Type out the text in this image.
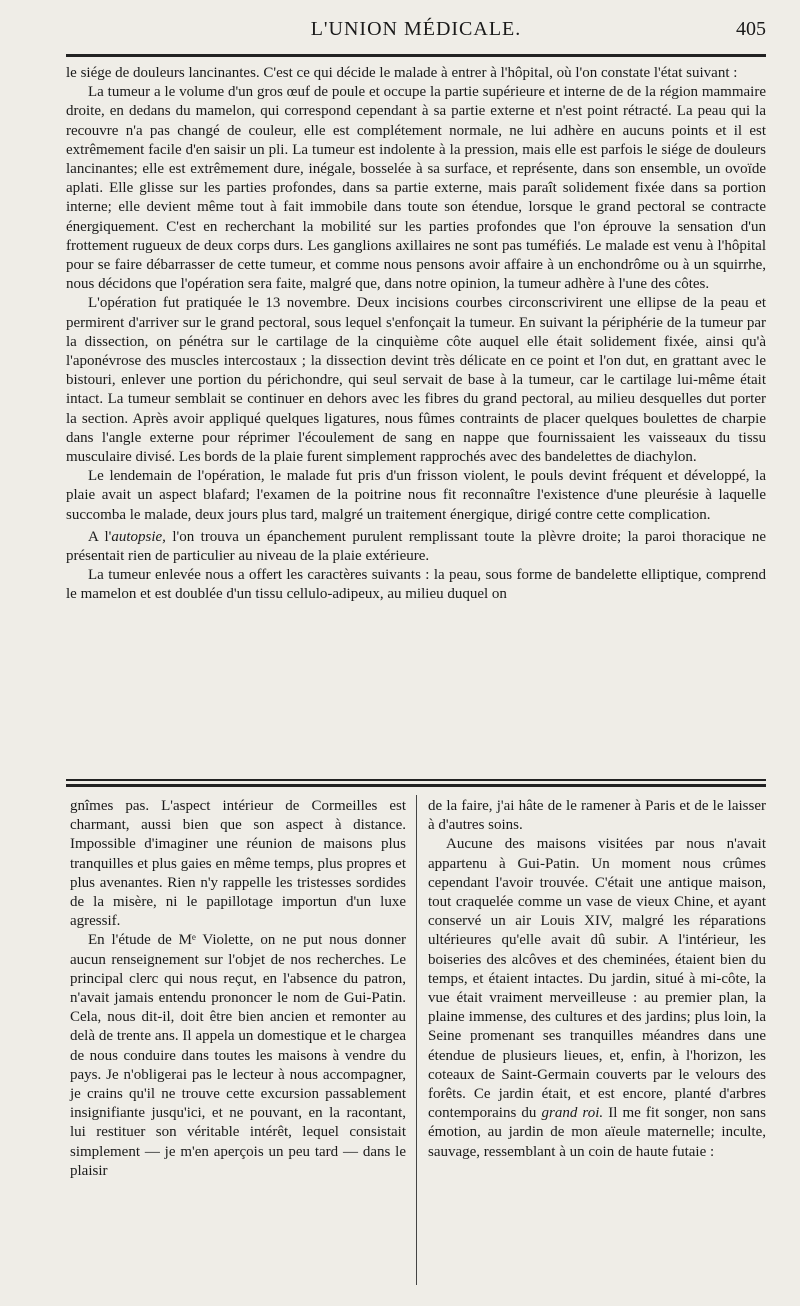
L'UNION MÉDICALE.	405

le siége de douleurs lancinantes. C'est ce qui décide le malade à entrer à l'hôpital, où l'on constate l'état suivant :

La tumeur a le volume d'un gros œuf de poule et occupe la partie supérieure et interne de de la région mammaire droite, en dedans du mamelon, qui correspond cependant à sa partie externe et n'est point rétracté. La peau qui la recouvre n'a pas changé de couleur, elle est complétement normale, ne lui adhère en aucuns points et il est extrêmement facile d'en saisir un pli. La tumeur est indolente à la pression, mais elle est parfois le siége de douleurs lancinantes; elle est extrêmement dure, inégale, bosselée à sa surface, et représente, dans son ensemble, un ovoïde aplati. Elle glisse sur les parties profondes, dans sa partie externe, mais paraît solidement fixée dans sa portion interne; elle devient même tout à fait immobile dans toute son étendue, lorsque le grand pectoral se contracte énergiquement. C'est en recherchant la mobilité sur les parties profondes que l'on éprouve la sensation d'un frottement rugueux de deux corps durs. Les ganglions axillaires ne sont pas tuméfiés. Le malade est venu à l'hôpital pour se faire débarrasser de cette tumeur, et comme nous pensons avoir affaire à un enchondrôme ou à un squirrhe, nous décidons que l'opération sera faite, malgré que, dans notre opinion, la tumeur adhère à l'une des côtes.

L'opération fut pratiquée le 13 novembre. Deux incisions courbes circonscrivirent une ellipse de la peau et permirent d'arriver sur le grand pectoral, sous lequel s'enfonçait la tumeur. En suivant la périphérie de la tumeur par la dissection, on pénétra sur le cartilage de la cinquième côte auquel elle était solidement fixée, ainsi qu'à l'aponévrose des muscles intercostaux ; la dissection devint très délicate en ce point et l'on dut, en grattant avec le bistouri, enlever une portion du périchondre, qui seul servait de base à la tumeur, car le cartilage lui-même était intact. La tumeur semblait se continuer en dehors avec les fibres du grand pectoral, au milieu desquelles dut porter la section. Après avoir appliqué quelques ligatures, nous fûmes contraints de placer quelques boulettes de charpie dans l'angle externe pour réprimer l'écoulement de sang en nappe que fournissaient les vaisseaux du tissu musculaire divisé. Les bords de la plaie furent simplement rapprochés avec des bandelettes de diachylon.

Le lendemain de l'opération, le malade fut pris d'un frisson violent, le pouls devint fréquent et développé, la plaie avait un aspect blafard; l'examen de la poitrine nous fit reconnaître l'existence d'une pleurésie à laquelle succomba le malade, deux jours plus tard, malgré un traitement énergique, dirigé contre cette complication.

A l'autopsie, l'on trouva un épanchement purulent remplissant toute la plèvre droite; la paroi thoracique ne présentait rien de particulier au niveau de la plaie extérieure.

La tumeur enlevée nous a offert les caractères suivants : la peau, sous forme de bandelette elliptique, comprend le mamelon et est doublée d'un tissu cellulo-adipeux, au milieu duquel on

gnîmes pas. L'aspect intérieur de Cormeilles est charmant, aussi bien que son aspect à distance. Impossible d'imaginer une réunion de maisons plus tranquilles et plus gaies en même temps, plus propres et plus avenantes. Rien n'y rappelle les tristesses sordides de la misère, ni le papillotage importun d'un luxe agressif.

En l'étude de Mᵉ Violette, on ne put nous donner aucun renseignement sur l'objet de nos recherches. Le principal clerc qui nous reçut, en l'absence du patron, n'avait jamais entendu prononcer le nom de Gui-Patin. Cela, nous dit-il, doit être bien ancien et remonter au delà de trente ans. Il appela un domestique et le chargea de nous conduire dans toutes les maisons à vendre du pays. Je n'obligerai pas le lecteur à nous accompagner, je crains qu'il ne trouve cette excursion passablement insignifiante jusqu'ici, et ne pouvant, en la racontant, lui restituer son véritable intérêt, lequel consistait simplement — je m'en aperçois un peu tard — dans le plaisir

de la faire, j'ai hâte de le ramener à Paris et de le laisser à d'autres soins.

Aucune des maisons visitées par nous n'avait appartenu à Gui-Patin. Un moment nous crûmes cependant l'avoir trouvée. C'était une antique maison, tout craquelée comme un vase de vieux Chine, et ayant conservé un air Louis XIV, malgré les réparations ultérieures qu'elle avait dû subir. A l'intérieur, les boiseries des alcôves et des cheminées, étaient bien du temps, et étaient intactes. Du jardin, situé à mi-côte, la vue était vraiment merveilleuse : au premier plan, la plaine immense, des cultures et des jardins; plus loin, la Seine promenant ses tranquilles méandres dans une étendue de plusieurs lieues, et, enfin, à l'horizon, les coteaux de Saint-Germain couverts par le velours des forêts. Ce jardin était, et est encore, planté d'arbres contemporains du grand roi. Il me fit songer, non sans émotion, au jardin de mon aïeule maternelle; inculte, sauvage, ressemblant à un coin de haute futaie :
